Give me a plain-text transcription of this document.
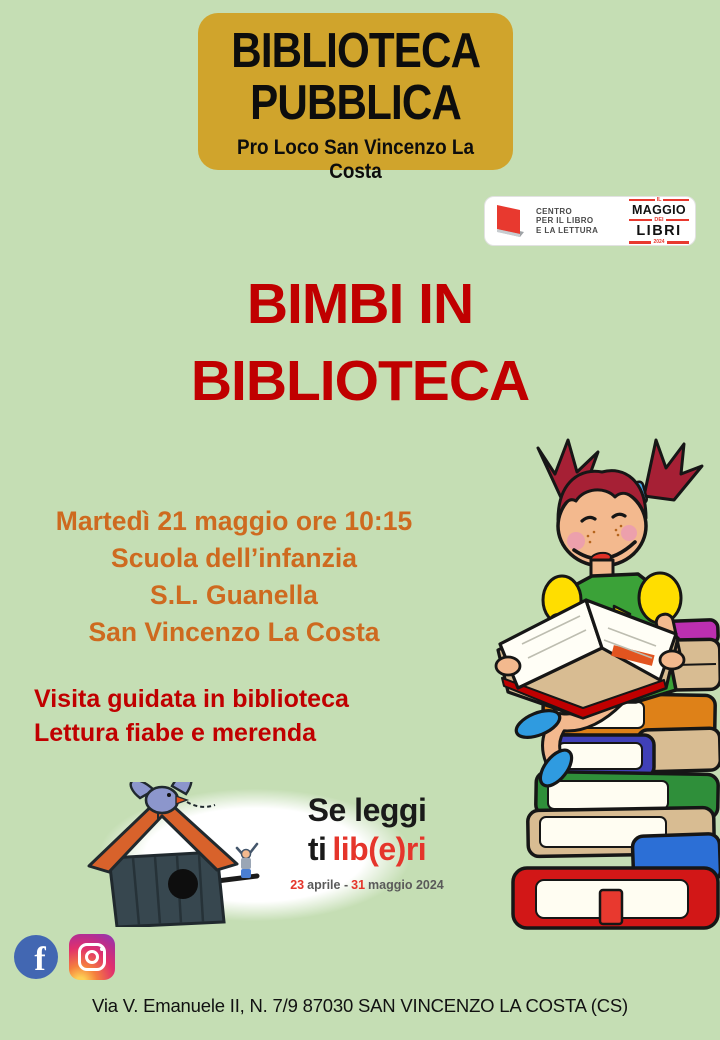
BIBLIOTECA
PUBBLICA
Pro Loco San Vincenzo La Costa
CENTRO
PER IL LIBRO
E LA LETTURA
IL
MAGGIO
DEI
LIBRI
2024
BIMBI IN
BIBLIOTECA
Martedì 21 maggio ore 10:15
Scuola dell’infanzia
S.L. Guanella
San Vincenzo La Costa
Visita guidata in biblioteca
Lettura fiabe e merenda
Se leggi
ti lib(e)ri
23 aprile - 31 maggio 2024
f
Via V. Emanuele II, N. 7/9 87030 SAN VINCENZO LA COSTA (CS)
